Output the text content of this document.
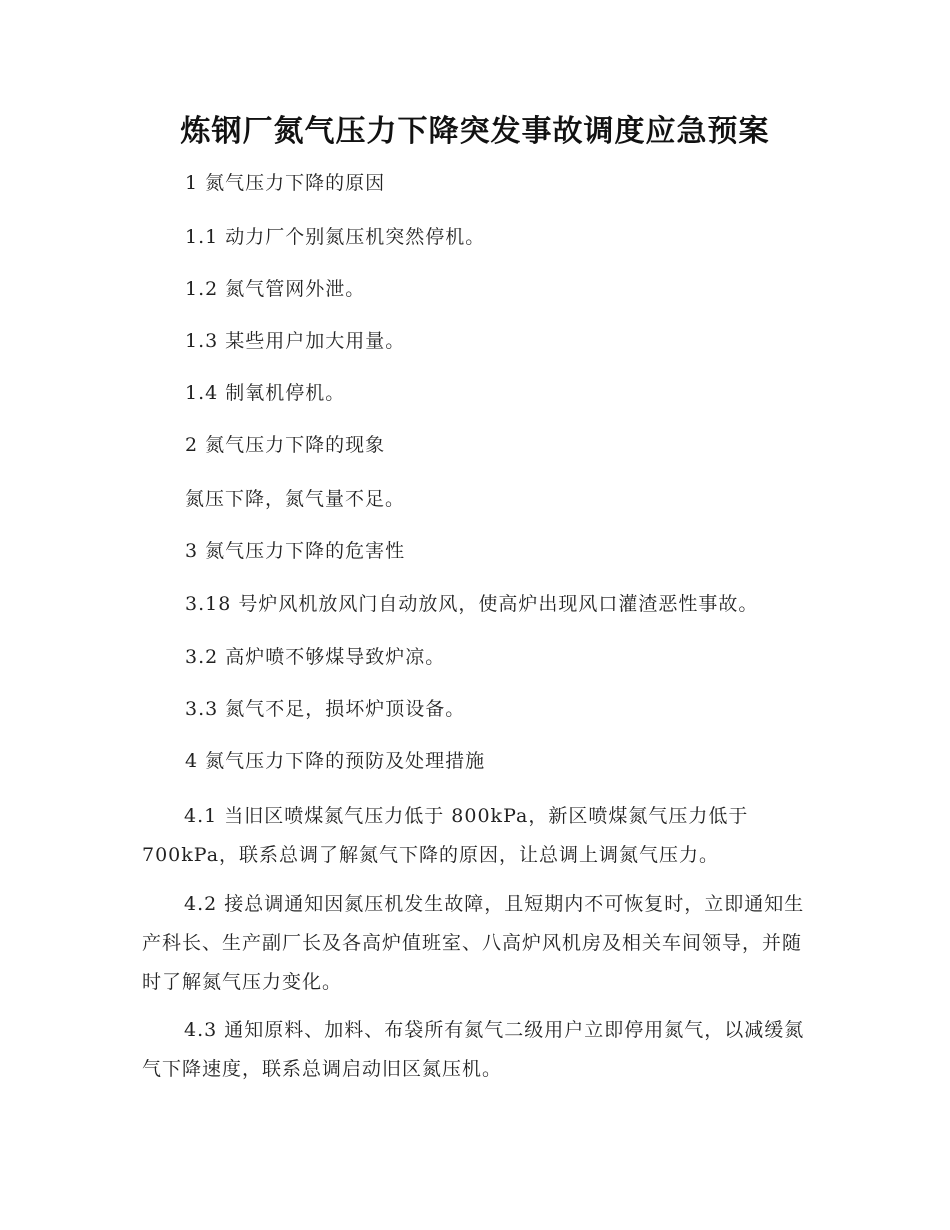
炼钢厂氮气压力下降突发事故调度应急预案
1 氮气压力下降的原因
1.1 动力厂个别氮压机突然停机。
1.2 氮气管网外泄。
1.3 某些用户加大用量。
1.4 制氧机停机。
2 氮气压力下降的现象
氮压下降，氮气量不足。
3 氮气压力下降的危害性
3.18 号炉风机放风门自动放风，使高炉出现风口灌渣恶性事故。
3.2 高炉喷不够煤导致炉凉。
3.3 氮气不足，损坏炉顶设备。
4 氮气压力下降的预防及处理措施
4.1 当旧区喷煤氮气压力低于 800kPa，新区喷煤氮气压力低于 700kPa，联系总调了解氮气下降的原因，让总调上调氮气压力。
4.2 接总调通知因氮压机发生故障，且短期内不可恢复时，立即通知生产科长、生产副厂长及各高炉值班室、八高炉风机房及相关车间领导，并随时了解氮气压力变化。
4.3 通知原料、加料、布袋所有氮气二级用户立即停用氮气，以减缓氮气下降速度，联系总调启动旧区氮压机。
